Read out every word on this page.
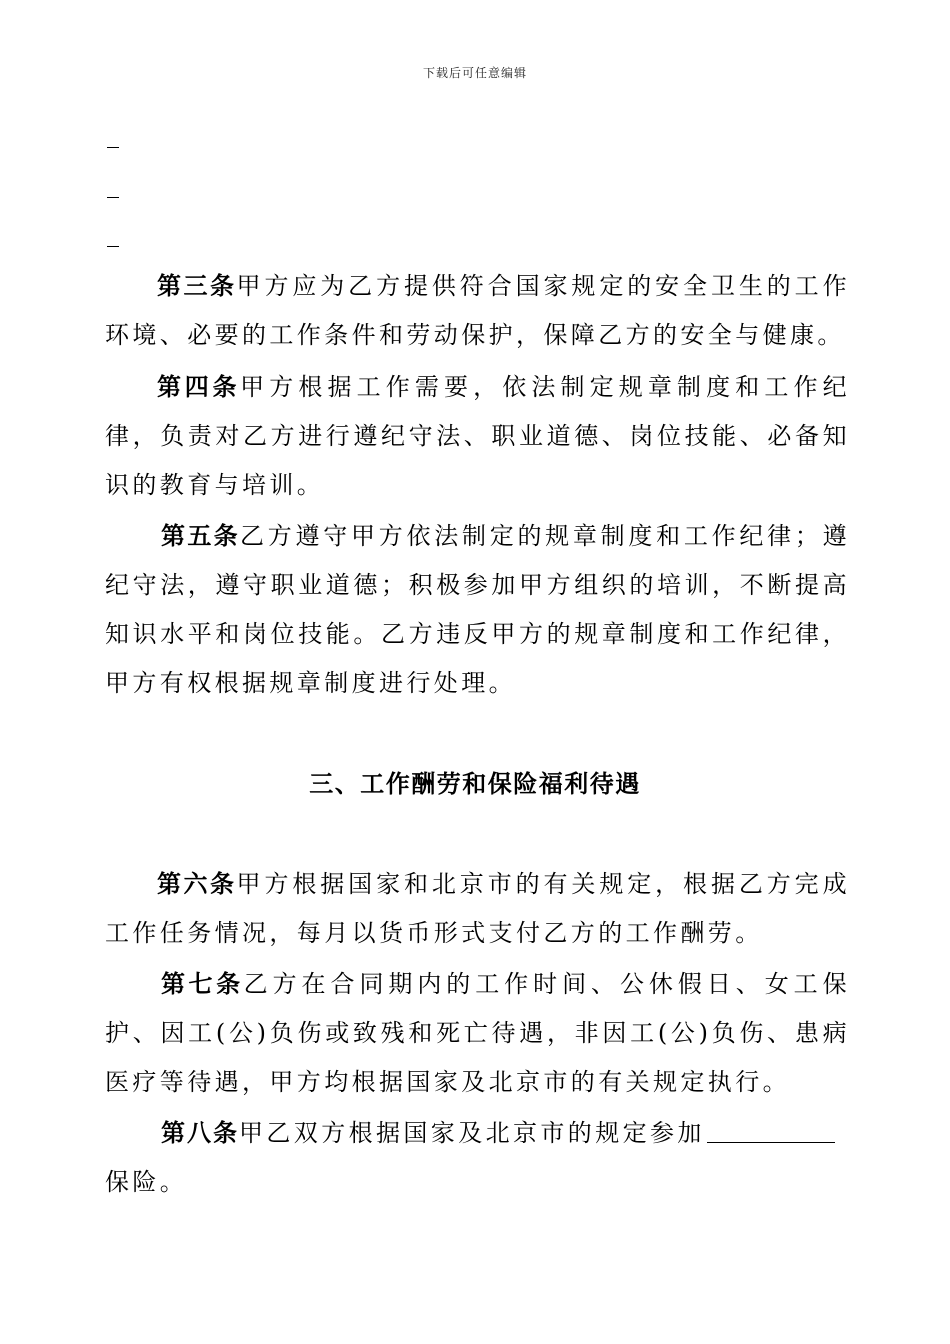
下载后可任意编辑
第三条甲方应为乙方提供符合国家规定的安全卫生的工作环境、必要的工作条件和劳动保护，保障乙方的安全与健康。
第四条甲方根据工作需要，依法制定规章制度和工作纪律，负责对乙方进行遵纪守法、职业道德、岗位技能、必备知识的教育与培训。
第五条乙方遵守甲方依法制定的规章制度和工作纪律；遵纪守法，遵守职业道德；积极参加甲方组织的培训，不断提高知识水平和岗位技能。乙方违反甲方的规章制度和工作纪律，甲方有权根据规章制度进行处理。
三、工作酬劳和保险福利待遇
第六条甲方根据国家和北京市的有关规定，根据乙方完成工作任务情况，每月以货币形式支付乙方的工作酬劳。
第七条乙方在合同期内的工作时间、公休假日、女工保护、因工(公)负伤或致残和死亡待遇，非因工(公)负伤、患病医疗等待遇，甲方均根据国家及北京市的有关规定执行。
第八条甲乙双方根据国家及北京市的规定参加
保险。
